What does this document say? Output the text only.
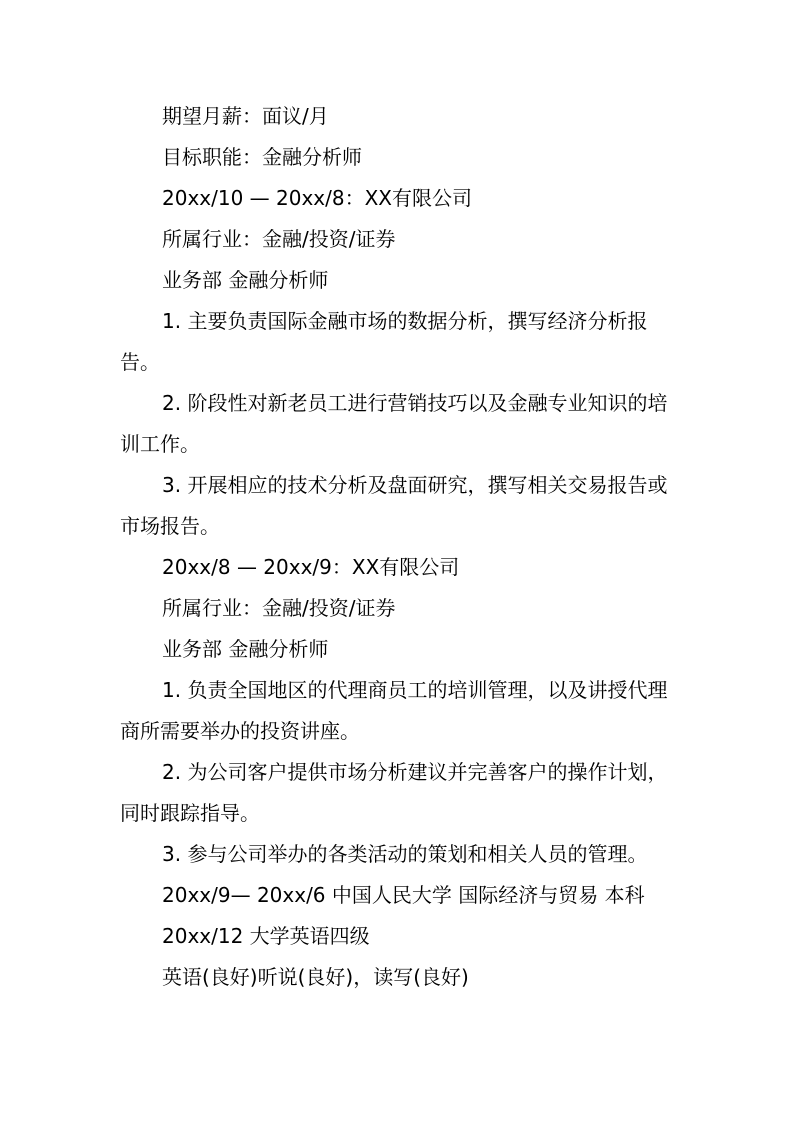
期望月薪：面议/月

目标职能：金融分析师

20xx/10 — 20xx/8：XX有限公司

所属行业：金融/投资/证券

业务部 金融分析师

1. 主要负责国际金融市场的数据分析，撰写经济分析报告。

2. 阶段性对新老员工进行营销技巧以及金融专业知识的培训工作。

3. 开展相应的技术分析及盘面研究，撰写相关交易报告或市场报告。

20xx/8 — 20xx/9：XX有限公司

所属行业：金融/投资/证券

业务部 金融分析师

1. 负责全国地区的代理商员工的培训管理，以及讲授代理商所需要举办的投资讲座。

2. 为公司客户提供市场分析建议并完善客户的操作计划，同时跟踪指导。

3. 参与公司举办的各类活动的策划和相关人员的管理。

20xx/9— 20xx/6 中国人民大学 国际经济与贸易 本科

20xx/12 大学英语四级

英语(良好)听说(良好)，读写(良好)
